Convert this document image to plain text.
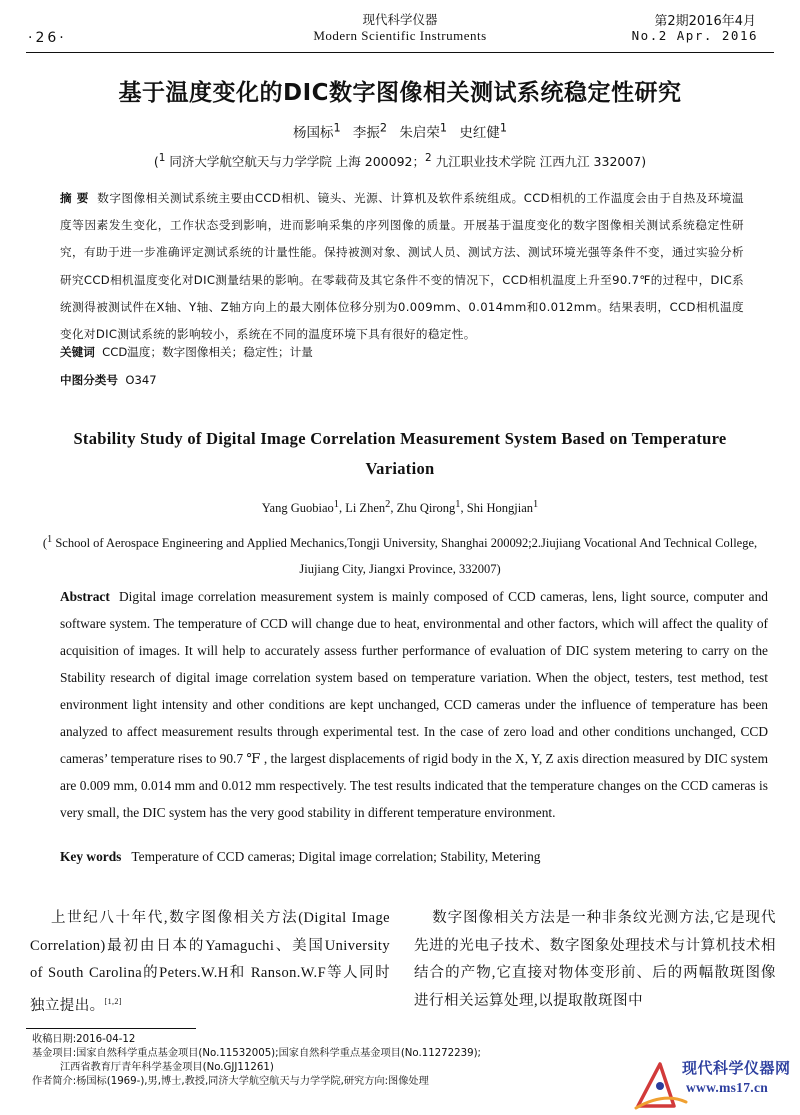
·26·
现代科学仪器
Modern Scientific Instruments
第2期2016年4月
No.2 Apr. 2016
基于温度变化的DIC数字图像相关测试系统稳定性研究
杨国标$^1$ 李振$^2$ 朱启荣$^1$ 史红健$^1$
($^1$ 同济大学航空航天与力学学院 上海 200092；$^2$ 九江职业技术学院 江西九江 332007)
摘 要 数字图像相关测试系统主要由CCD相机、镜头、光源、计算机及软件系统组成。CCD相机的工作温度会由于自热及环境温度等因素发生变化，工作状态受到影响，进而影响采集的序列图像的质量。开展基于温度变化的数字图像相关测试系统稳定性研究，有助于进一步准确评定测试系统的计量性能。保持被测对象、测试人员、测试方法、测试环境光强等条件不变，通过实验分析研究CCD相机温度变化对DIC测量结果的影响。在零载荷及其它条件不变的情况下，CCD相机温度上升至90.7℉的过程中，DIC系统测得被测试件在X轴、Y轴、Z轴方向上的最大刚体位移分别为0.009mm、0.014mm和0.012mm。结果表明，CCD相机温度变化对DIC测试系统的影响较小，系统在不同的温度环境下具有很好的稳定性。
关键词 CCD温度；数字图像相关；稳定性；计量
中图分类号 O347
Stability Study of Digital Image Correlation Measurement System Based on Temperature Variation
Yang Guobiao$^1$, Li Zhen$^2$, Zhu Qirong$^1$, Shi Hongjian$^1$
($^1$ School of Aerospace Engineering and Applied Mechanics,Tongji University, Shanghai 200092;2.Jiujiang Vocational And Technical College, Jiujiang City, Jiangxi Province, 332007)
Abstract Digital image correlation measurement system is mainly composed of CCD cameras, lens, light source, computer and software system. The temperature of CCD will change due to heat, environmental and other factors, which will affect the quality of acquisition of images. It will help to accurately assess further performance of evaluation of DIC system metering to carry on the Stability research of digital image correlation system based on temperature variation. When the object, testers, test method, test environment light intensity and other conditions are kept unchanged, CCD cameras under the influence of temperature has been analyzed to affect measurement results through experimental test. In the case of zero load and other conditions unchanged, CCD cameras’ temperature rises to 90.7 ℉ , the largest displacements of rigid body in the X, Y, Z axis direction measured by DIC system are 0.009 mm, 0.014 mm and 0.012 mm respectively. The test results indicated that the temperature changes on the CCD cameras is very small, the DIC system has the very good stability in different temperature environment.
Key words Temperature of CCD cameras; Digital image correlation; Stability, Metering
上世纪八十年代,数字图像相关方法(Digital Image Correlation)最初由日本的Yamaguchi、美国University of South Carolina的Peters.W.H和 Ranson.W.F等人同时独立提出。[1,2]
数字图像相关方法是一种非条纹光测方法,它是现代先进的光电子技术、数字图象处理技术与计算机技术相结合的产物,它直接对物体变形前、后的两幅散斑图像进行相关运算处理,以提取散斑图中
收稿日期:2016-04-12
基金项目:国家自然科学重点基金项目(No.11532005);国家自然科学重点基金项目(No.11272239);
江西省教育厅青年科学基金项目(No.GJJ11261)
作者简介:杨国标(1969-),男,博士,教授,同济大学航空航天与力学学院,研究方向:图像处理
现代科学仪器网
www.ms17.cn
